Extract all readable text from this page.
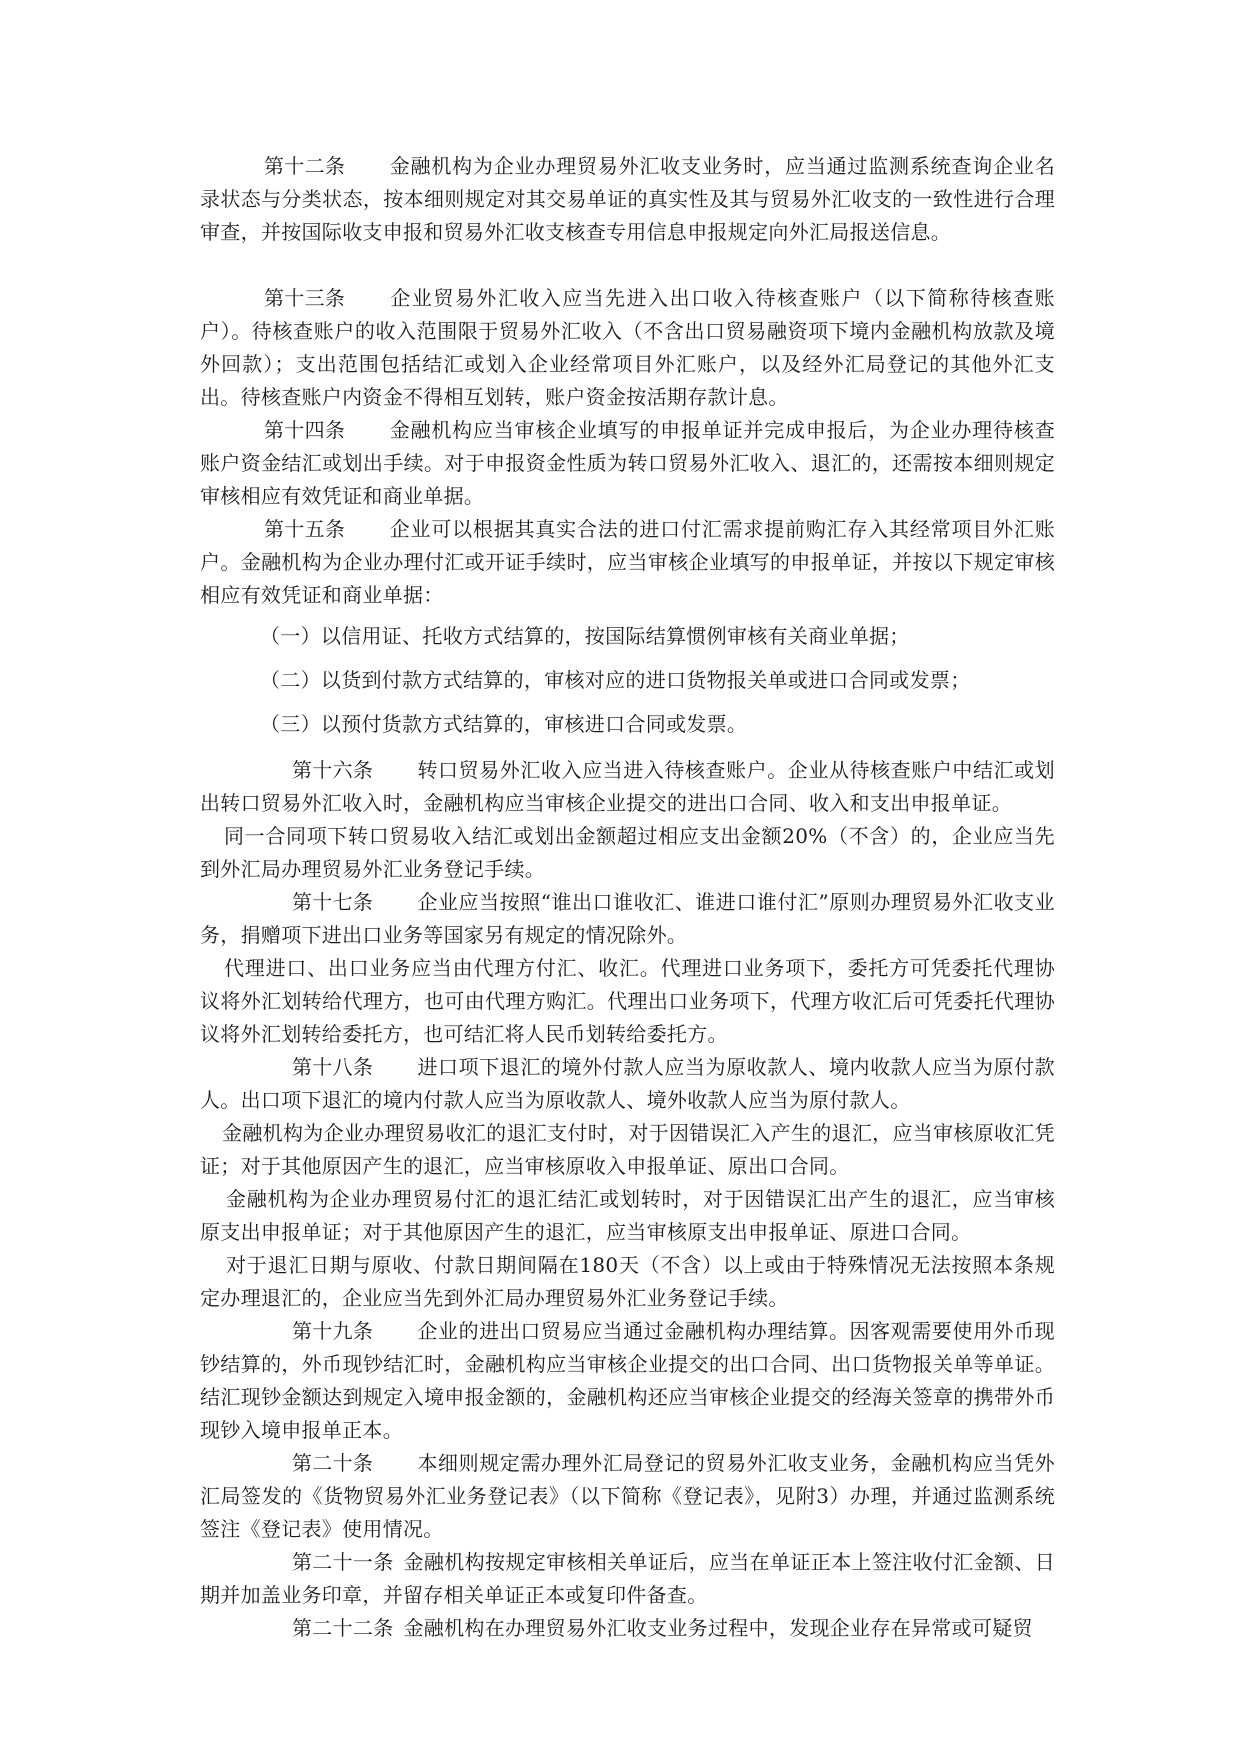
第十二条 金融机构为企业办理贸易外汇收支业务时，应当通过监测系统查询企业名录状态与分类状态，按本细则规定对其交易单证的真实性及其与贸易外汇收支的一致性进行合理审查，并按国际收支申报和贸易外汇收支核查专用信息申报规定向外汇局报送信息。

第十三条 企业贸易外汇收入应当先进入出口收入待核查账户（以下简称待核查账户）。待核查账户的收入范围限于贸易外汇收入（不含出口贸易融资项下境内金融机构放款及境外回款）；支出范围包括结汇或划入企业经常项目外汇账户，以及经外汇局登记的其他外汇支出。待核查账户内资金不得相互划转，账户资金按活期存款计息。

第十四条 金融机构应当审核企业填写的申报单证并完成申报后，为企业办理待核查账户资金结汇或划出手续。对于申报资金性质为转口贸易外汇收入、退汇的，还需按本细则规定审核相应有效凭证和商业单据。

第十五条 企业可以根据其真实合法的进口付汇需求提前购汇存入其经常项目外汇账户。金融机构为企业办理付汇或开证手续时，应当审核企业填写的申报单证，并按以下规定审核相应有效凭证和商业单据：

（一）以信用证、托收方式结算的，按国际结算惯例审核有关商业单据；

（二）以货到付款方式结算的，审核对应的进口货物报关单或进口合同或发票；

（三）以预付货款方式结算的，审核进口合同或发票。

第十六条 转口贸易外汇收入应当进入待核查账户。企业从待核查账户中结汇或划出转口贸易外汇收入时，金融机构应当审核企业提交的进出口合同、收入和支出申报单证。

同一合同项下转口贸易收入结汇或划出金额超过相应支出金额20%（不含）的，企业应当先到外汇局办理贸易外汇业务登记手续。

第十七条 企业应当按照“谁出口谁收汇、谁进口谁付汇”原则办理贸易外汇收支业务，捐赠项下进出口业务等国家另有规定的情况除外。

代理进口、出口业务应当由代理方付汇、收汇。代理进口业务项下，委托方可凭委托代理协议将外汇划转给代理方，也可由代理方购汇。代理出口业务项下，代理方收汇后可凭委托代理协议将外汇划转给委托方，也可结汇将人民币划转给委托方。

第十八条 进口项下退汇的境外付款人应当为原收款人、境内收款人应当为原付款人。出口项下退汇的境内付款人应当为原收款人、境外收款人应当为原付款人。

金融机构为企业办理贸易收汇的退汇支付时，对于因错误汇入产生的退汇，应当审核原收汇凭证；对于其他原因产生的退汇，应当审核原收入申报单证、原出口合同。

金融机构为企业办理贸易付汇的退汇结汇或划转时，对于因错误汇出产生的退汇，应当审核原支出申报单证；对于其他原因产生的退汇，应当审核原支出申报单证、原进口合同。

对于退汇日期与原收、付款日期间隔在180天（不含）以上或由于特殊情况无法按照本条规定办理退汇的，企业应当先到外汇局办理贸易外汇业务登记手续。

第十九条 企业的进出口贸易应当通过金融机构办理结算。因客观需要使用外币现钞结算的，外币现钞结汇时，金融机构应当审核企业提交的出口合同、出口货物报关单等单证。结汇现钞金额达到规定入境申报金额的，金融机构还应当审核企业提交的经海关签章的携带外币现钞入境申报单正本。

第二十条 本细则规定需办理外汇局登记的贸易外汇收支业务，金融机构应当凭外汇局签发的《货物贸易外汇业务登记表》（以下简称《登记表》，见附3）办理，并通过监测系统签注《登记表》使用情况。

第二十一条 金融机构按规定审核相关单证后，应当在单证正本上签注收付汇金额、日期并加盖业务印章，并留存相关单证正本或复印件备查。

第二十二条 金融机构在办理贸易外汇收支业务过程中，发现企业存在异常或可疑贸
